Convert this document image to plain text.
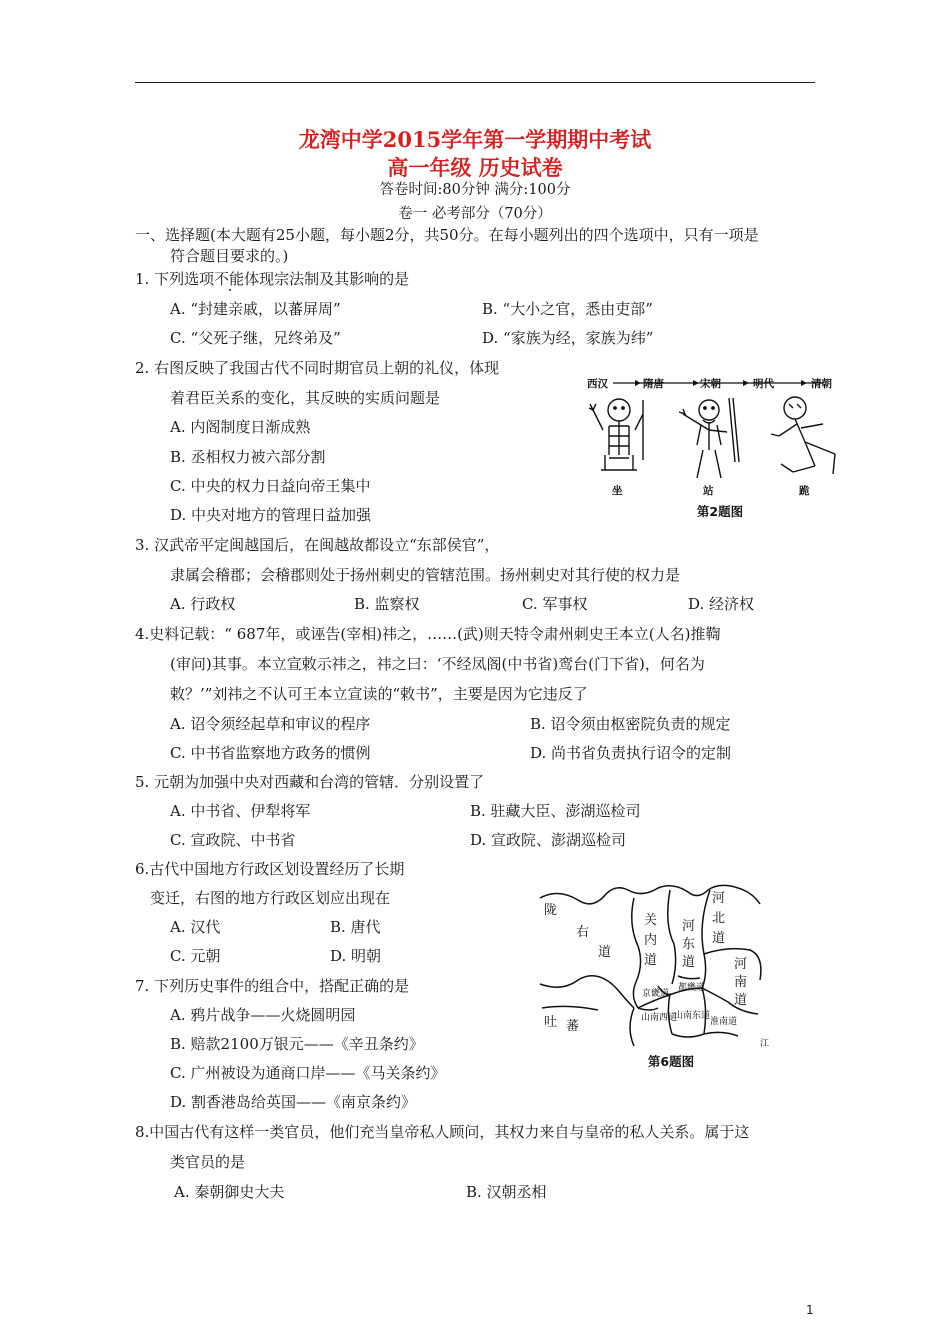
龙湾中学2015学年第一学期期中考试
高一年级 历史试卷
答卷时间:80分钟 满分:100分
卷一 必考部分（70分）
一、选择题(本大题有25小题，每小题2分，共50分。在每小题列出的四个选项中，只有一项是
符合题目要求的。)
1. 下列选项不能体现宗法制及其影响的是
A. “封建亲戚，以蕃屏周”	B. “大小之官，悉由吏部”
C. “父死子继，兄终弟及”	D. “家族为经，家族为纬”
2. 右图反映了我国古代不同时期官员上朝的礼仪，体现
着君臣关系的变化，其反映的实质问题是
A. 内阁制度日渐成熟
B. 丞相权力被六部分割
C. 中央的权力日益向帝王集中
D. 中央对地方的管理日益加强
西汉	隋唐	宋朝	明代	清朝
坐	站	跪
第2题图
3. 汉武帝平定闽越国后，在闽越故都设立“东部侯官”，
隶属会稽郡；会稽郡则处于扬州刺史的管辖范围。扬州刺史对其行使的权力是
A. 行政权	B. 监察权	C. 军事权	D. 经济权
4.史料记载：“ 687年，或诬告(宰相)祎之，……(武)则天特令肃州刺史王本立(人名)推鞫
(审问)其事。本立宣敕示祎之，祎之曰：‘不经凤阁(中书省)鸾台(门下省)，何名为
敕？’”刘祎之不认可王本立宣读的“敕书”，主要是因为它违反了
A. 诏令须经起草和审议的程序	B. 诏令须由枢密院负责的规定
C. 中书省监察地方政务的惯例	D. 尚书省负责执行诏令的定制
5. 元朝为加强中央对西藏和台湾的管辖．分别设置了
A. 中书省、伊犁将军	B. 驻藏大臣、澎湖巡检司
C. 宣政院、中书省	D. 宣政院、澎湖巡检司
6.古代中国地方行政区划设置经历了长期
变迁，右图的地方行政区划应出现在
A. 汉代	B. 唐代
C. 元朝	D. 明朝
陇
右
道
关
内
道
河
东
道
河
北
道
河
南
道
吐 蕃
山南西道
山南东道
淮南道
江
京畿道
都畿道
第6题图
7. 下列历史事件的组合中，搭配正确的是
A. 鸦片战争——火烧圆明园
B. 赔款2100万银元——《辛丑条约》
C. 广州被设为通商口岸——《马关条约》
D. 割香港岛给英国——《南京条约》
8.中国古代有这样一类官员，他们充当皇帝私人顾问，其权力来自与皇帝的私人关系。属于这
类官员的是
A. 秦朝御史大夫	B. 汉朝丞相
1
